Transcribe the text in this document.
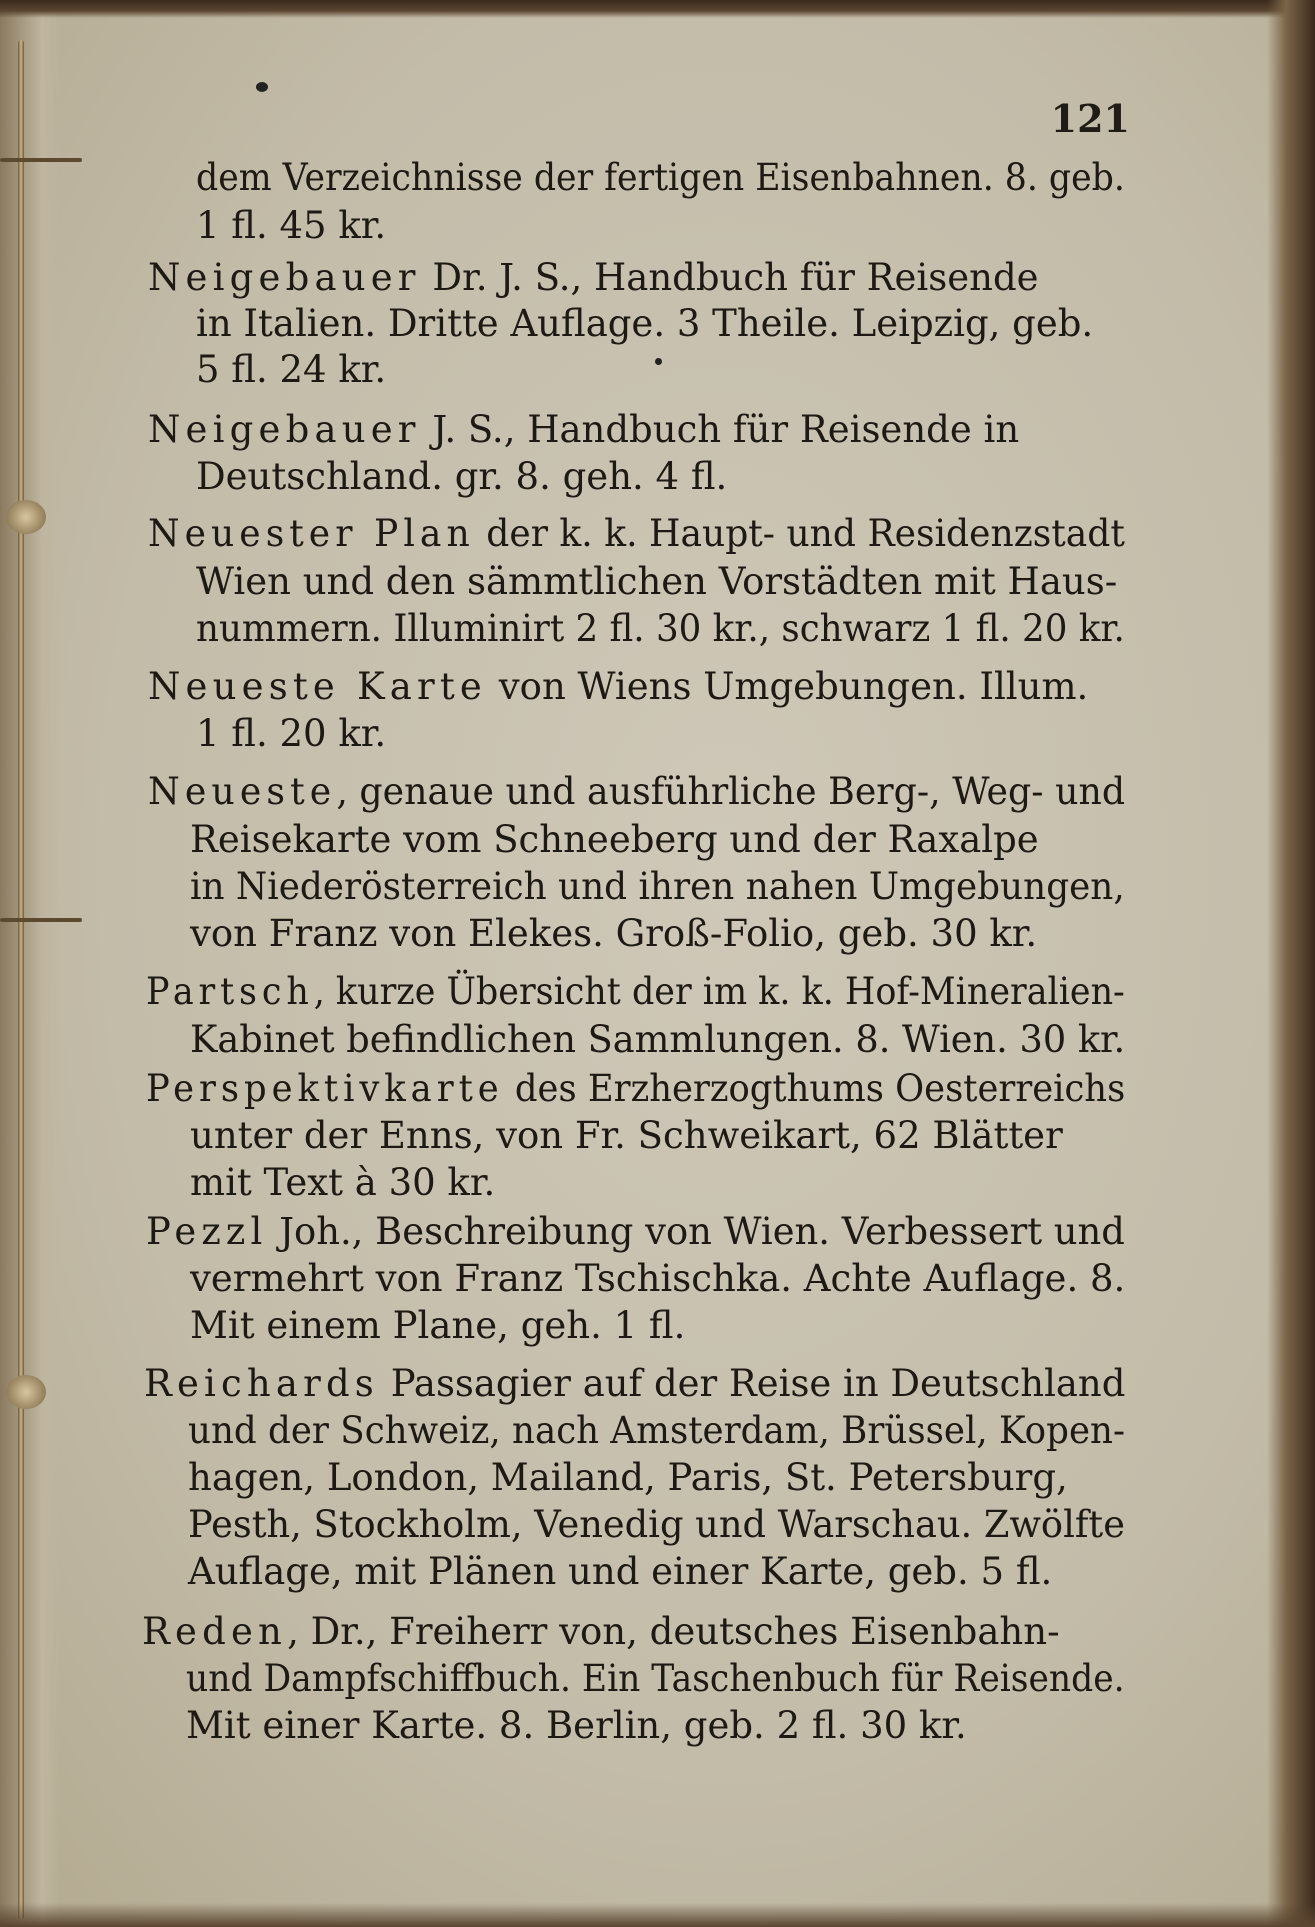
121
dem Verzeichnisse der fertigen Eisenbahnen. 8. geb.
1 fl. 45 kr.
Neigebauer Dr. J. S., Handbuch für Reisende
in Italien. Dritte Auflage. 3 Theile. Leipzig, geb.
5 fl. 24 kr.
Neigebauer J. S., Handbuch für Reisende in
Deutschland. gr. 8. geh. 4 fl.
Neuester Plan der k. k. Haupt- und Residenzstadt
Wien und den sämmtlichen Vorstädten mit Haus-
nummern. Illuminirt 2 fl. 30 kr., schwarz 1 fl. 20 kr.
Neueste Karte von Wiens Umgebungen. Illum.
1 fl. 20 kr.
Neueste, genaue und ausführliche Berg-, Weg- und
Reisekarte vom Schneeberg und der Raxalpe
in Niederösterreich und ihren nahen Umgebungen,
von Franz von Elekes. Groß-Folio, geb. 30 kr.
Partsch, kurze Übersicht der im k. k. Hof-Mineralien-
Kabinet befindlichen Sammlungen. 8. Wien. 30 kr.
Perspektivkarte des Erzherzogthums Oesterreichs
unter der Enns, von Fr. Schweikart, 62 Blätter
mit Text à 30 kr.
Pezzl Joh., Beschreibung von Wien. Verbessert und
vermehrt von Franz Tschischka. Achte Auflage. 8.
Mit einem Plane, geh. 1 fl.
Reichards Passagier auf der Reise in Deutschland
und der Schweiz, nach Amsterdam, Brüssel, Kopen-
hagen, London, Mailand, Paris, St. Petersburg,
Pesth, Stockholm, Venedig und Warschau. Zwölfte
Auflage, mit Plänen und einer Karte, geb. 5 fl.
Reden, Dr., Freiherr von, deutsches Eisenbahn-
und Dampfschiffbuch. Ein Taschenbuch für Reisende.
Mit einer Karte. 8. Berlin, geb. 2 fl. 30 kr.
